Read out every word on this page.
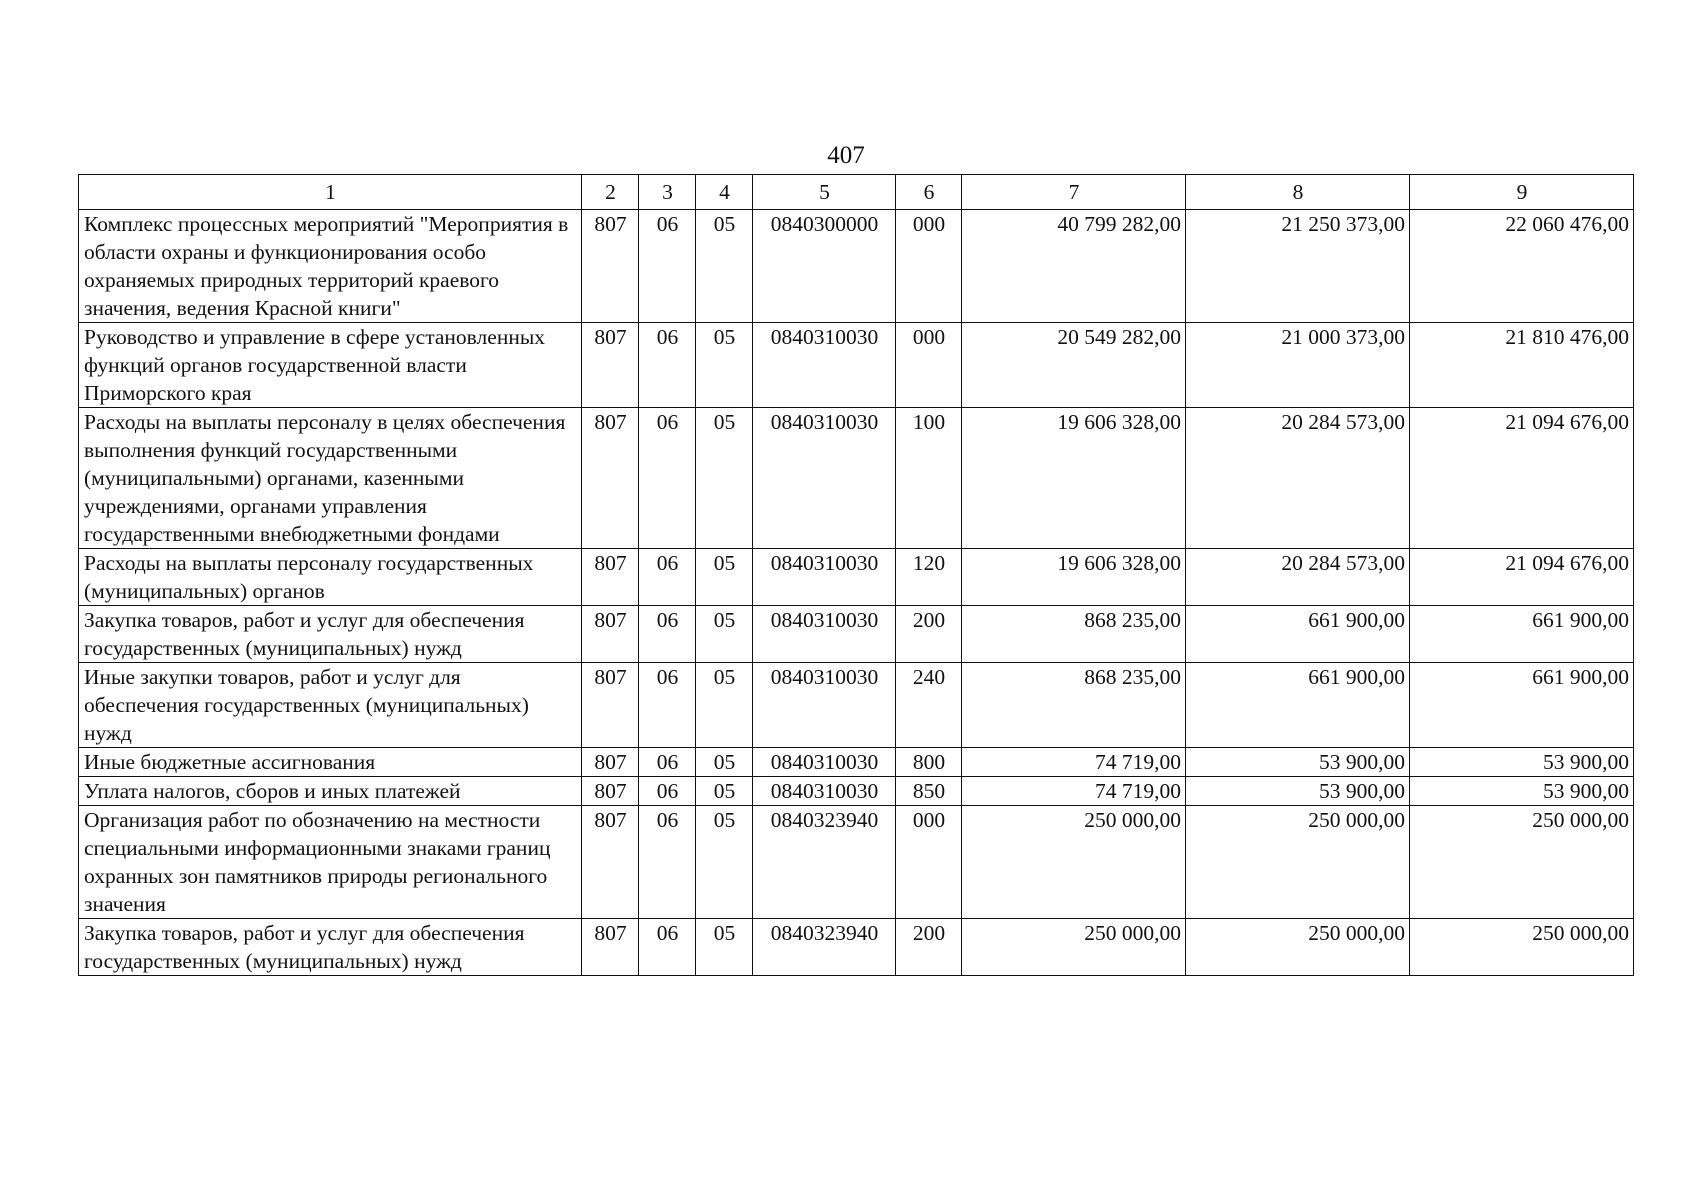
407
1	2	3	4	5	6	7	8	9
Комплекс процессных мероприятий "Мероприятия в области охраны и функционирования особо охраняемых природных территорий краевого значения, ведения Красной книги"	807	06	05	0840300000	000	40 799 282,00	21 250 373,00	22 060 476,00
Руководство и управление в сфере установленных функций органов государственной власти Приморского края	807	06	05	0840310030	000	20 549 282,00	21 000 373,00	21 810 476,00
Расходы на выплаты персоналу в целях обеспечения выполнения функций государственными (муниципальными) органами, казенными учреждениями, органами управления государственными внебюджетными фондами	807	06	05	0840310030	100	19 606 328,00	20 284 573,00	21 094 676,00
Расходы на выплаты персоналу государственных (муниципальных) органов	807	06	05	0840310030	120	19 606 328,00	20 284 573,00	21 094 676,00
Закупка товаров, работ и услуг для обеспечения государственных (муниципальных) нужд	807	06	05	0840310030	200	868 235,00	661 900,00	661 900,00
Иные закупки товаров, работ и услуг для обеспечения государственных (муниципальных) нужд	807	06	05	0840310030	240	868 235,00	661 900,00	661 900,00
Иные бюджетные ассигнования	807	06	05	0840310030	800	74 719,00	53 900,00	53 900,00
Уплата налогов, сборов и иных платежей	807	06	05	0840310030	850	74 719,00	53 900,00	53 900,00
Организация работ по обозначению на местности специальными информационными знаками границ охранных зон памятников природы регионального значения	807	06	05	0840323940	000	250 000,00	250 000,00	250 000,00
Закупка товаров, работ и услуг для обеспечения государственных (муниципальных) нужд	807	06	05	0840323940	200	250 000,00	250 000,00	250 000,00
